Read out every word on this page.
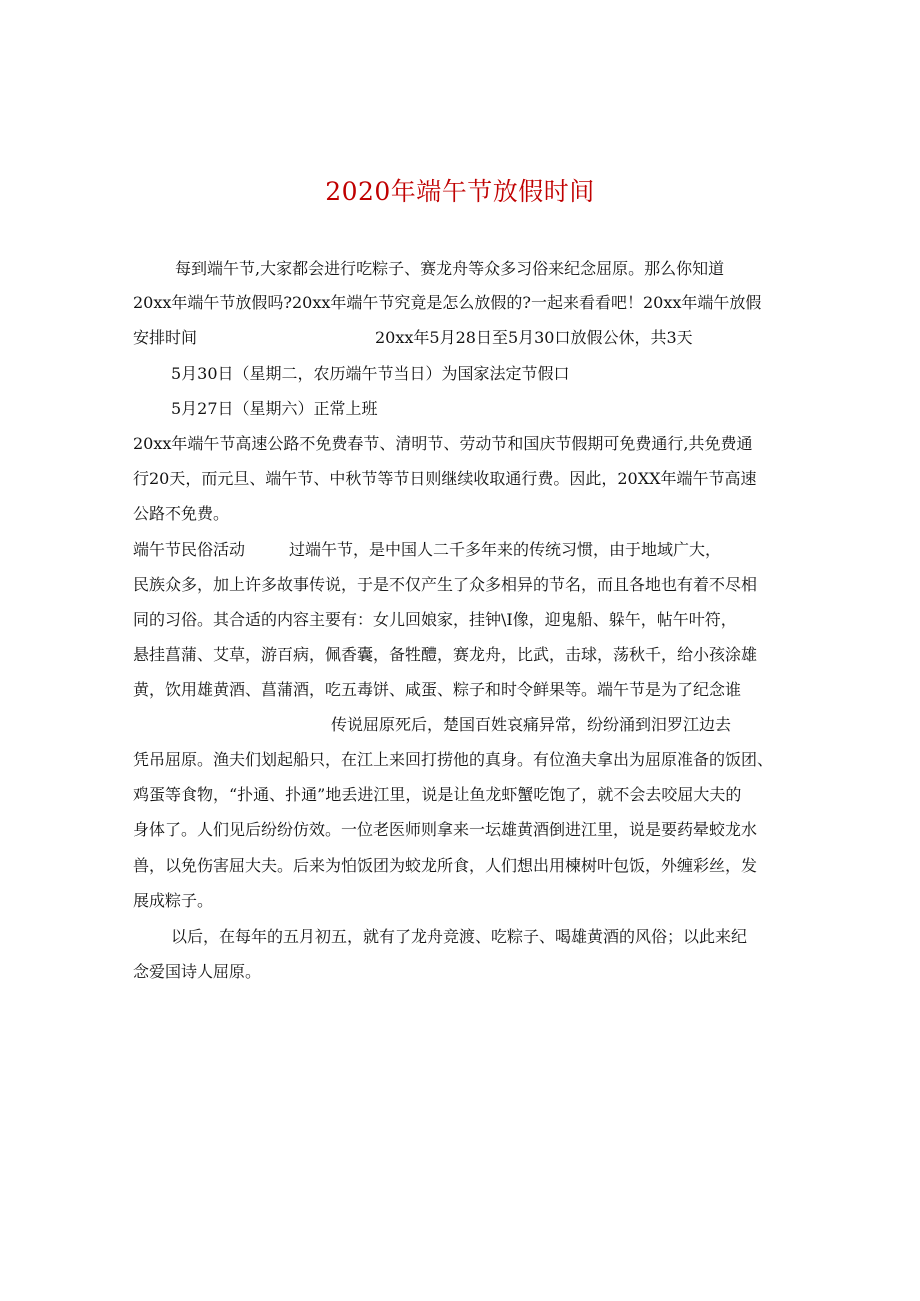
2020年端午节放假时间
每到端午节,大家都会进行吃粽子、赛龙舟等众多习俗来纪念屈原。那么你知道
20xx年端午节放假吗?20xx年端午节究竟是怎么放假的?一起来看看吧！20xx年端午放假
安排时间	20xx年5月28日至5月30口放假公休，共3天
5月30日（星期二，农历端午节当日）为国家法定节假口
5月27日（星期六）正常上班
20xx年端午节高速公路不免费春节、清明节、劳动节和国庆节假期可免费通行,共免费通
行20天，而元旦、端午节、中秋节等节日则继续收取通行费。因此，20XX年端午节高速
公路不免费。
端午节民俗活动	过端午节，是中国人二千多年来的传统习惯，由于地域广大，
民族众多，加上许多故事传说，于是不仅产生了众多相异的节名，而且各地也有着不尽相
同的习俗。其合适的内容主要有：女儿回娘家，挂钟\I像，迎鬼船、躲午，帖午叶符，
悬挂菖蒲、艾草，游百病，佩香囊，备牲醴，赛龙舟，比武，击球，荡秋千，给小孩涂雄
黄，饮用雄黄酒、菖蒲酒，吃五毒饼、咸蛋、粽子和时令鲜果等。端午节是为了纪念谁
传说屈原死后，楚国百姓哀痛异常，纷纷涌到汨罗江边去
凭吊屈原。渔夫们划起船只，在江上来回打捞他的真身。有位渔夫拿出为屈原准备的饭团、
鸡蛋等食物，“扑通、扑通”地丢进江里，说是让鱼龙虾蟹吃饱了，就不会去咬屈大夫的
身体了。人们见后纷纷仿效。一位老医师则拿来一坛雄黄酒倒进江里，说是要药晕蛟龙水
兽，以免伤害屈大夫。后来为怕饭团为蛟龙所食，人们想出用楝树叶包饭，外缠彩丝，发
展成粽子。
以后，在每年的五月初五，就有了龙舟竞渡、吃粽子、喝雄黄酒的风俗；以此来纪
念爱国诗人屈原。
